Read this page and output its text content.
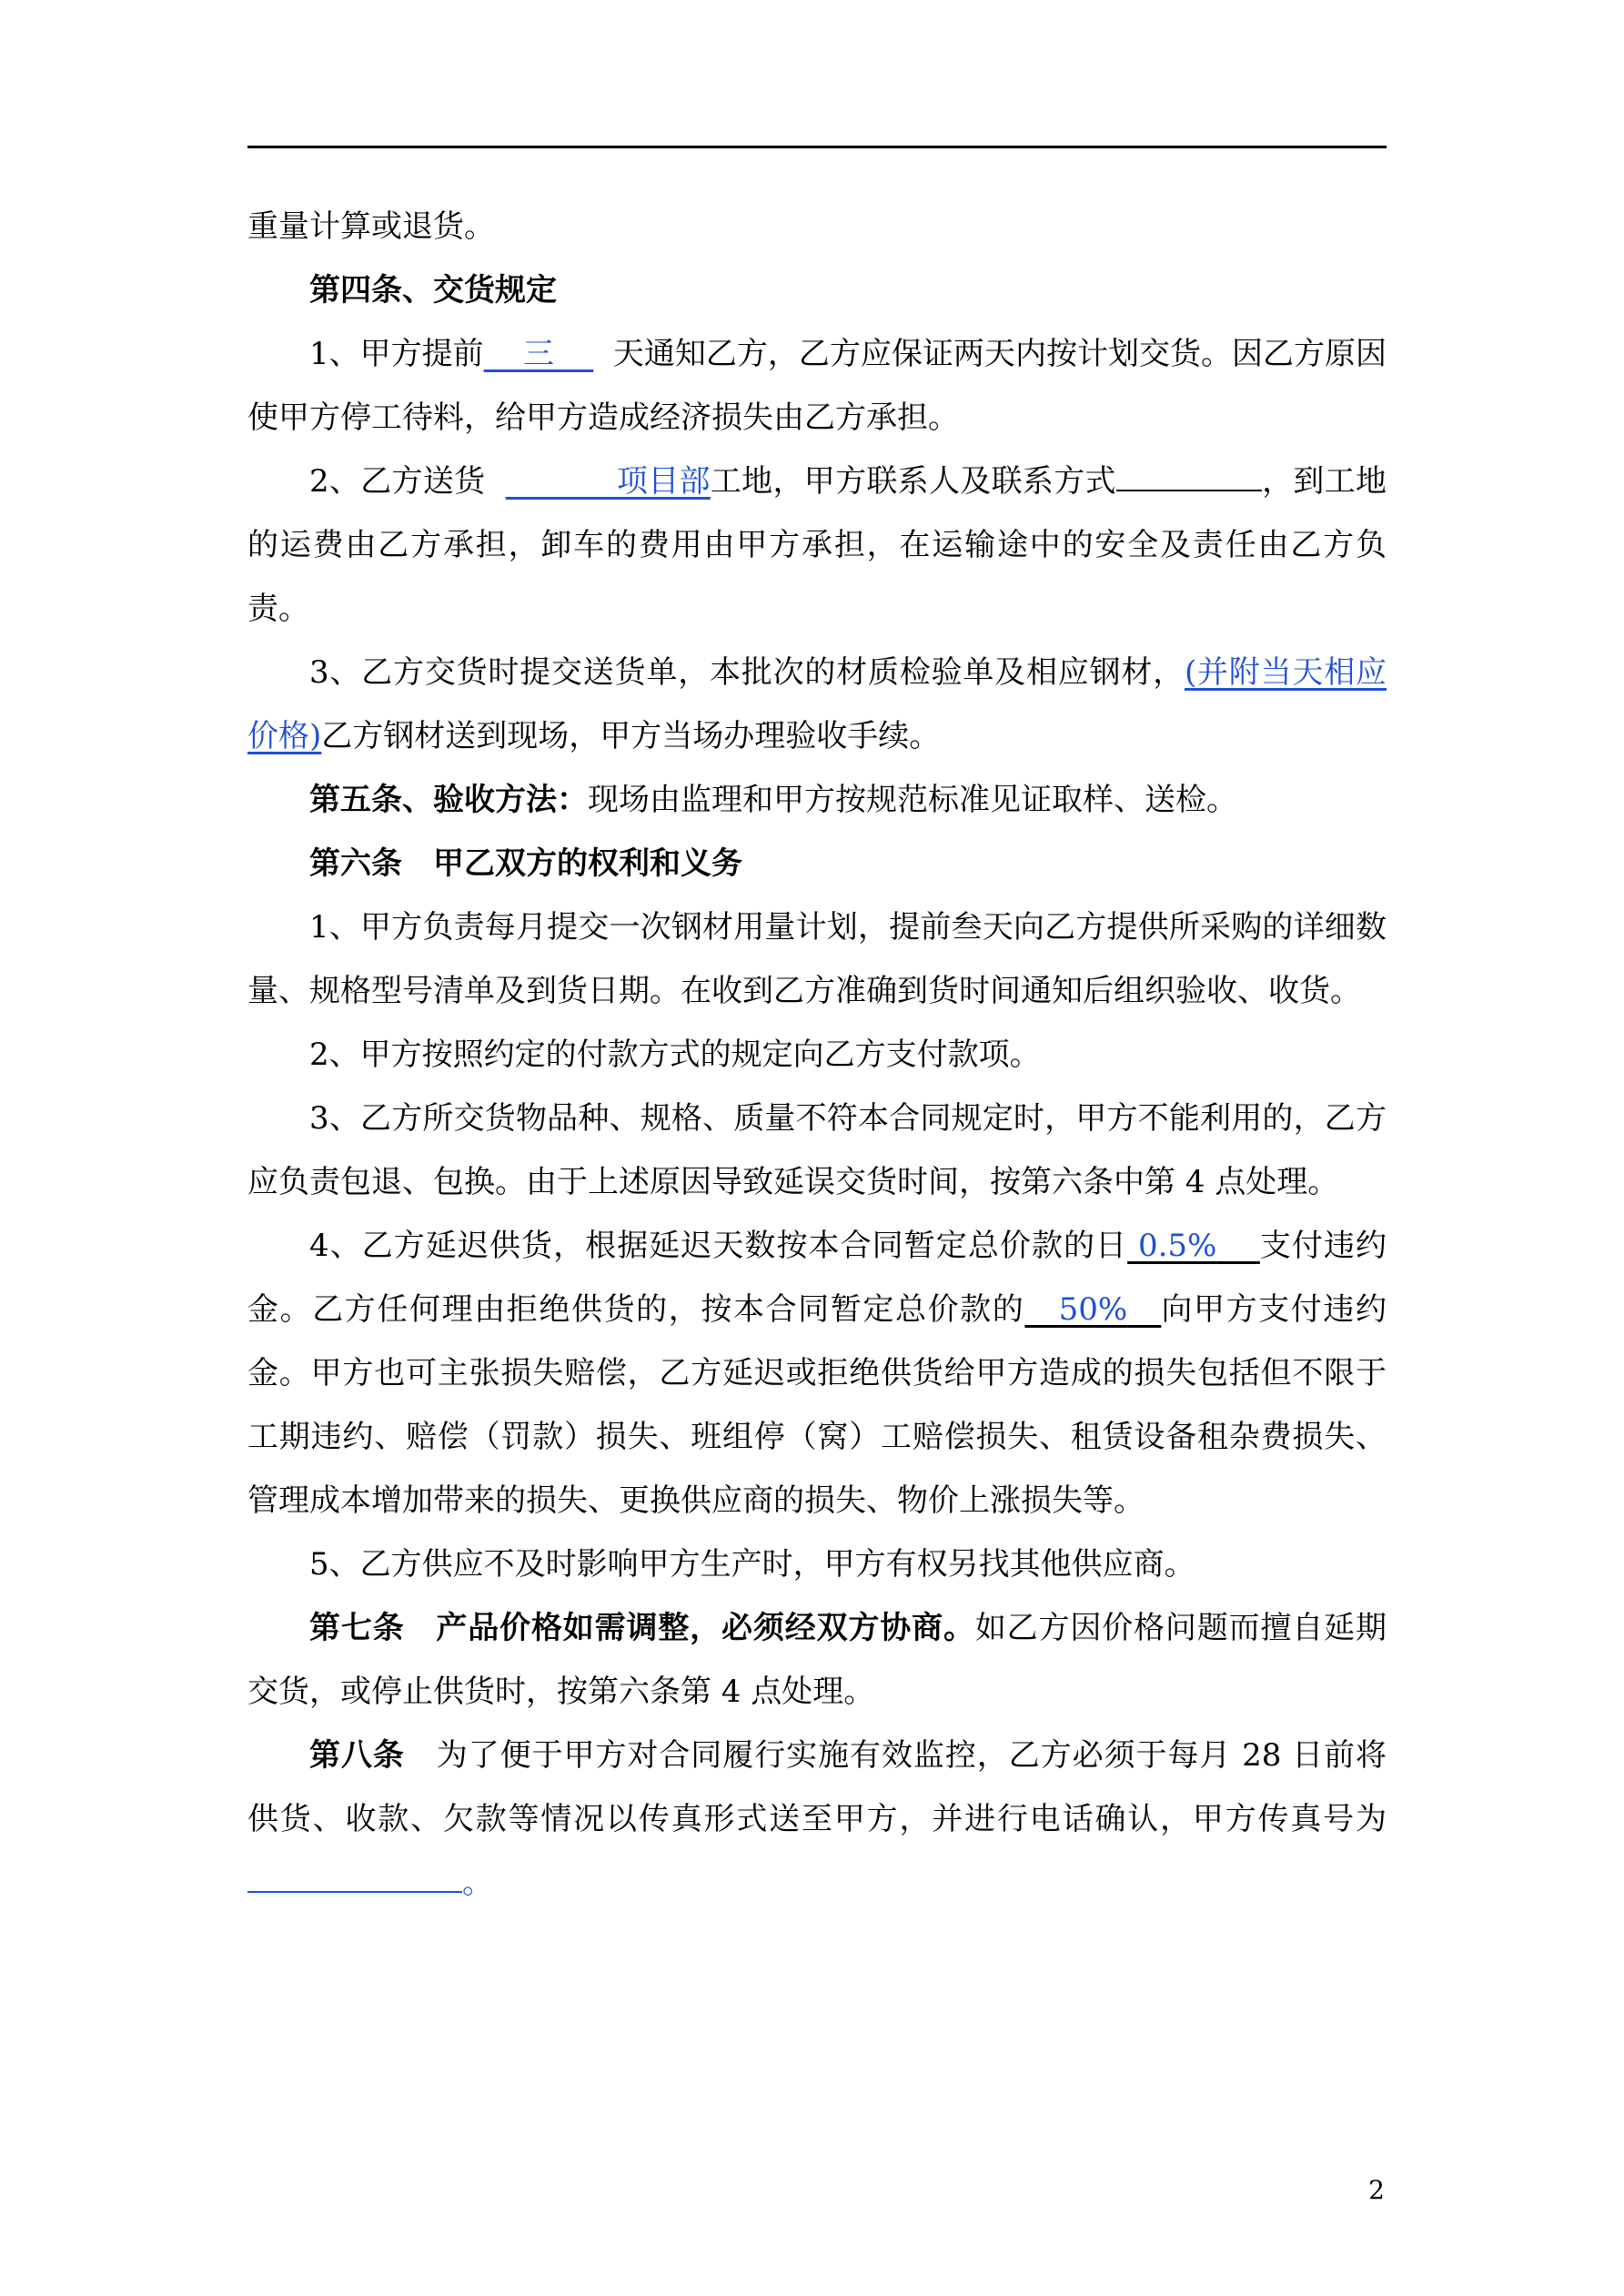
重量计算或退货。

第四条、交货规定

1、甲方提前 三 天通知乙方，乙方应保证两天内按计划交货。因乙方原因使甲方停工待料，给甲方造成经济损失由乙方承担。

2、乙方送货	项目部工地，甲方联系人及联系方式	，到工地的运费由乙方承担，卸车的费用由甲方承担，在运输途中的安全及责任由乙方负责。

3、乙方交货时提交送货单，本批次的材质检验单及相应钢材，(并附当天相应价格)乙方钢材送到现场，甲方当场办理验收手续。

第五条、验收方法：现场由监理和甲方按规范标准见证取样、送检。

第六条　甲乙双方的权利和义务

1、甲方负责每月提交一次钢材用量计划，提前叁天向乙方提供所采购的详细数量、规格型号清单及到货日期。在收到乙方准确到货时间通知后组织验收、收货。

2、甲方按照约定的付款方式的规定向乙方支付款项。

3、乙方所交货物品种、规格、质量不符本合同规定时，甲方不能利用的，乙方应负责包退、包换。由于上述原因导致延误交货时间，按第六条中第 4 点处理。

4、乙方延迟供货，根据延迟天数按本合同暂定总价款的日 0.5% 支付违约金。乙方任何理由拒绝供货的，按本合同暂定总价款的 50% 向甲方支付违约金。甲方也可主张损失赔偿，乙方延迟或拒绝供货给甲方造成的损失包括但不限于工期违约、赔偿（罚款）损失、班组停（窝）工赔偿损失、租赁设备租杂费损失、管理成本增加带来的损失、更换供应商的损失、物价上涨损失等。

5、乙方供应不及时影响甲方生产时，甲方有权另找其他供应商。

第七条　产品价格如需调整，必须经双方协商。如乙方因价格问题而擅自延期交货，或停止供货时，按第六条第 4 点处理。

第八条　为了便于甲方对合同履行实施有效监控，乙方必须于每月 28 日前将供货、收款、欠款等情况以传真形式送至甲方，并进行电话确认，甲方传真号为。

2
